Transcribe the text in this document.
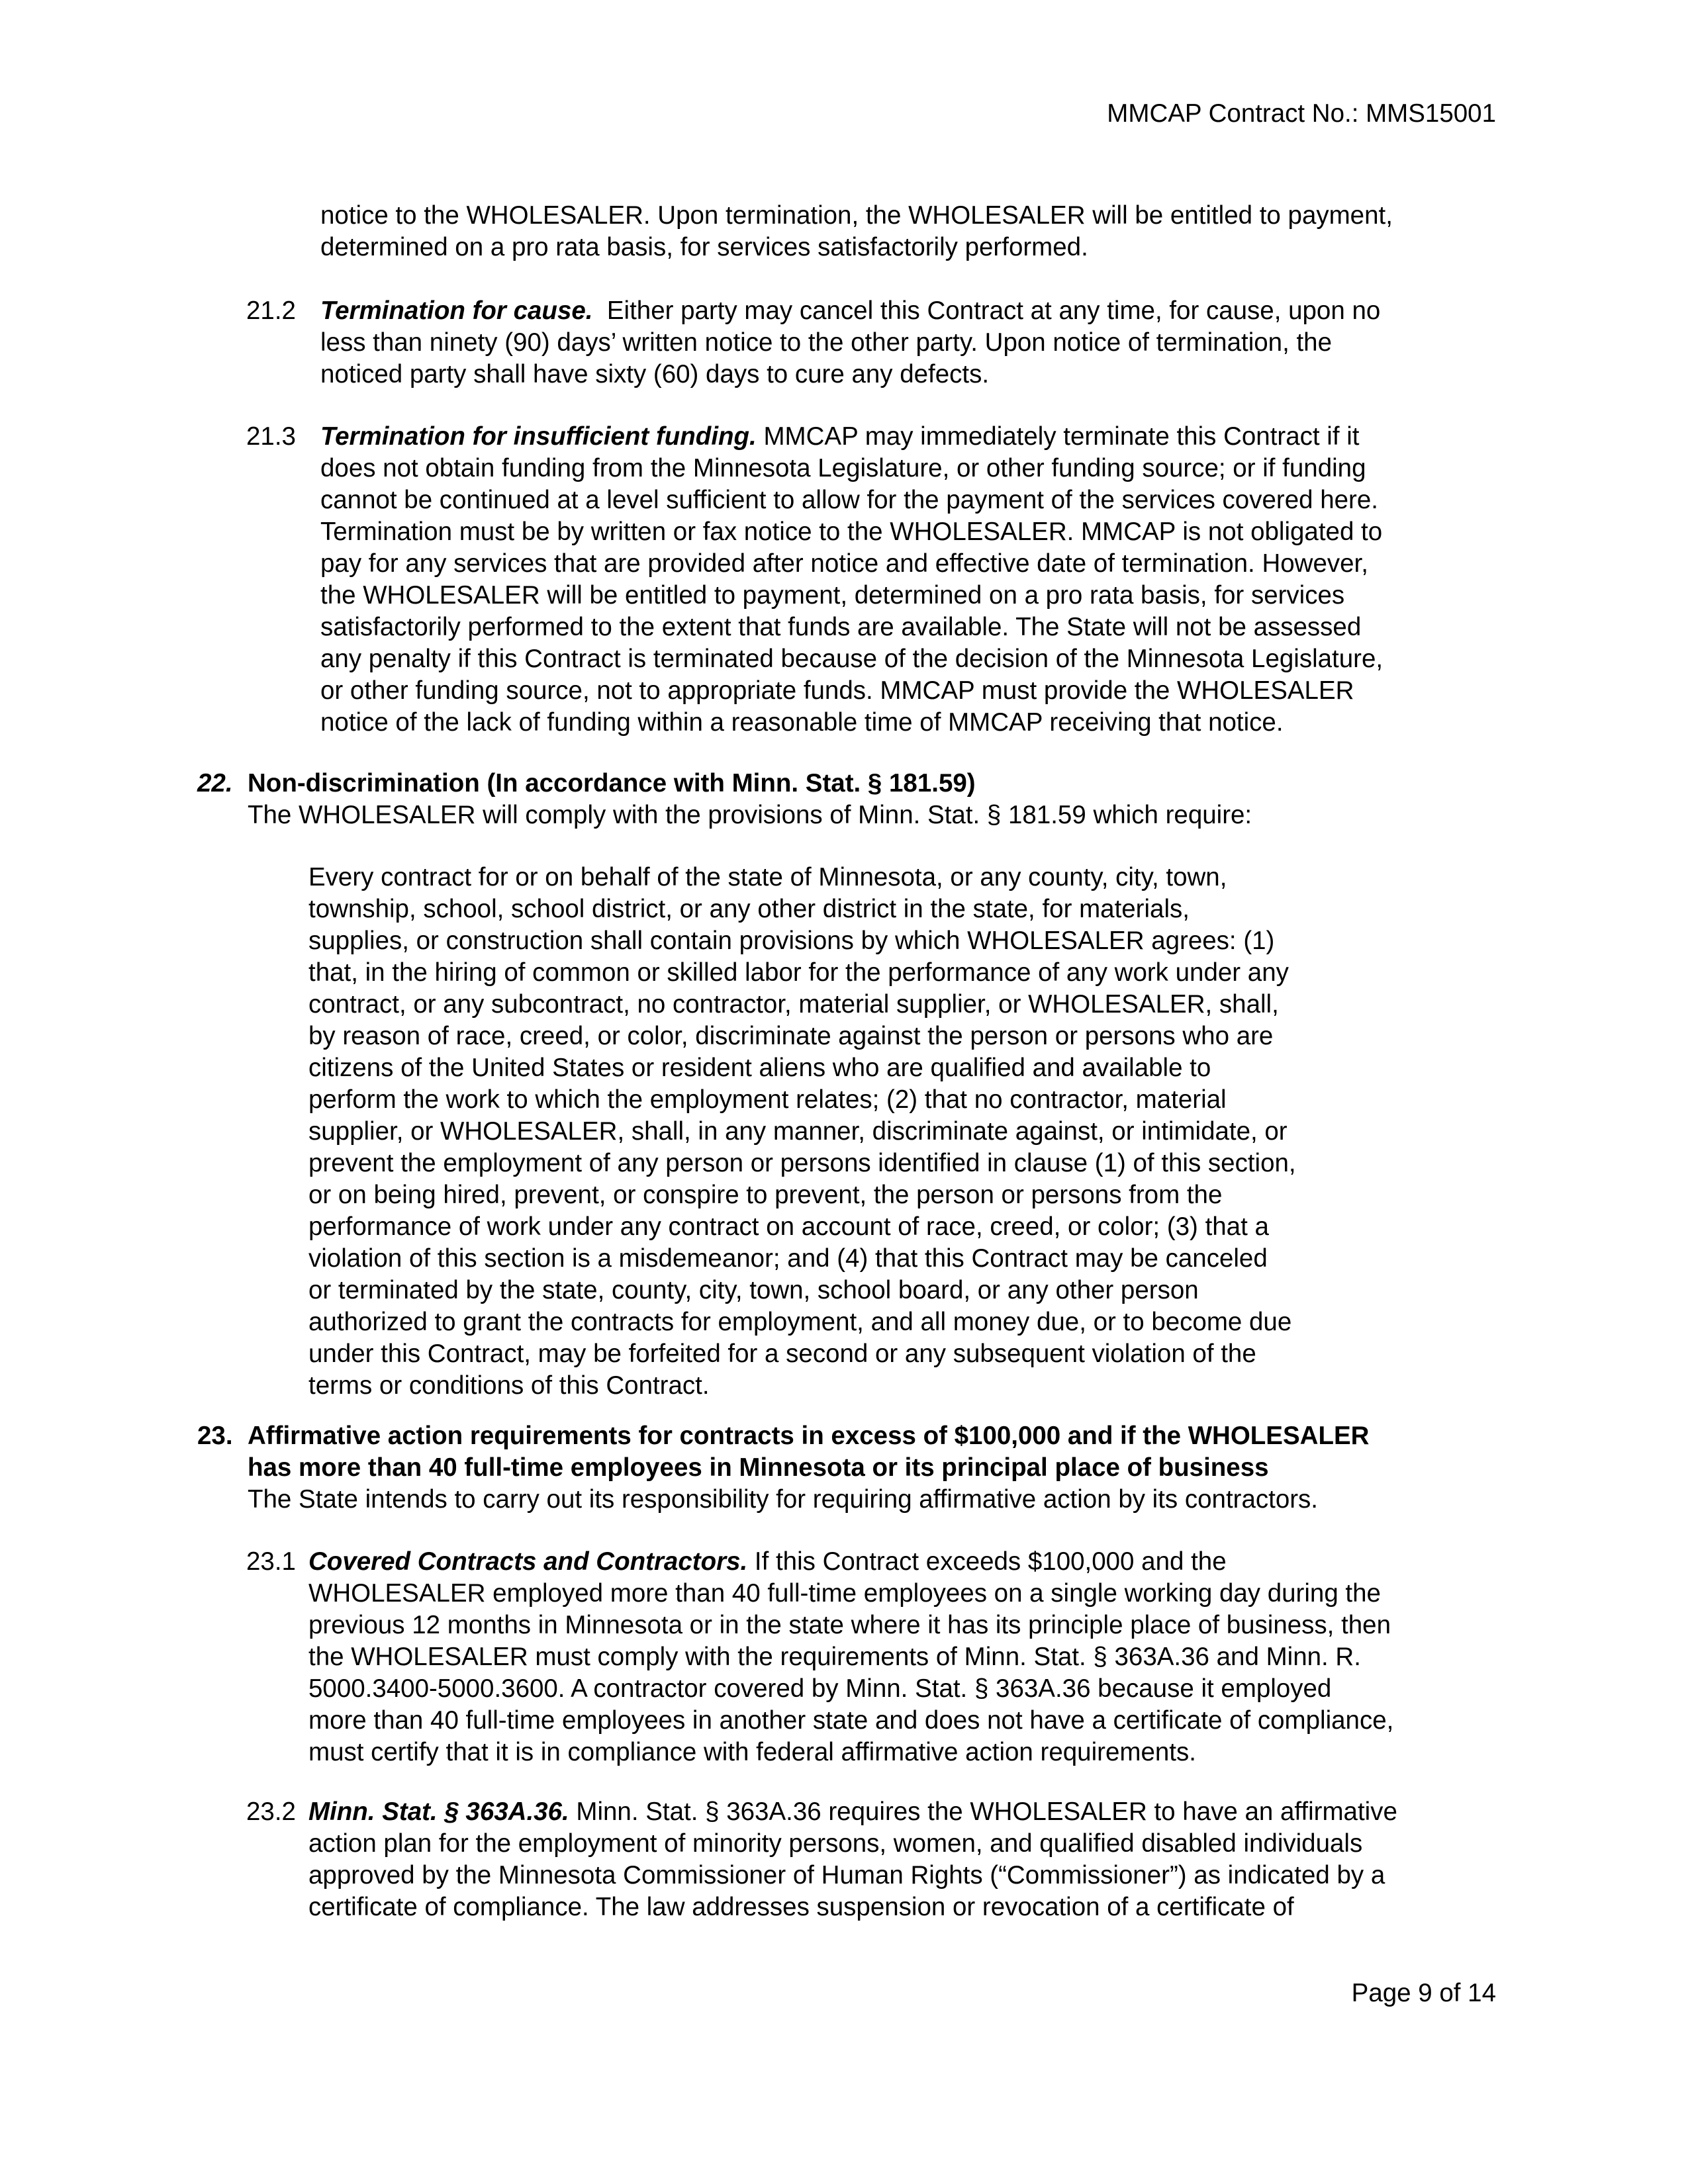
MMCAP Contract No.: MMS15001
notice to the WHOLESALER. Upon termination, the WHOLESALER will be entitled to payment,
determined on a pro rata basis, for services satisfactorily performed.
21.2 Termination for cause.  Either party may cancel this Contract at any time, for cause, upon no
less than ninety (90) days’ written notice to the other party. Upon notice of termination, the
noticed party shall have sixty (60) days to cure any defects.
21.3 Termination for insufficient funding. MMCAP may immediately terminate this Contract if it
does not obtain funding from the Minnesota Legislature, or other funding source; or if funding
cannot be continued at a level sufficient to allow for the payment of the services covered here.
Termination must be by written or fax notice to the WHOLESALER. MMCAP is not obligated to
pay for any services that are provided after notice and effective date of termination. However,
the WHOLESALER will be entitled to payment, determined on a pro rata basis, for services
satisfactorily performed to the extent that funds are available. The State will not be assessed
any penalty if this Contract is terminated because of the decision of the Minnesota Legislature,
or other funding source, not to appropriate funds. MMCAP must provide the WHOLESALER
notice of the lack of funding within a reasonable time of MMCAP receiving that notice.
22. Non-discrimination (In accordance with Minn. Stat. § 181.59)
The WHOLESALER will comply with the provisions of Minn. Stat. § 181.59 which require:
Every contract for or on behalf of the state of Minnesota, or any county, city, town,
township, school, school district, or any other district in the state, for materials,
supplies, or construction shall contain provisions by which WHOLESALER agrees: (1)
that, in the hiring of common or skilled labor for the performance of any work under any
contract, or any subcontract, no contractor, material supplier, or WHOLESALER, shall,
by reason of race, creed, or color, discriminate against the person or persons who are
citizens of the United States or resident aliens who are qualified and available to
perform the work to which the employment relates; (2) that no contractor, material
supplier, or WHOLESALER, shall, in any manner, discriminate against, or intimidate, or
prevent the employment of any person or persons identified in clause (1) of this section,
or on being hired, prevent, or conspire to prevent, the person or persons from the
performance of work under any contract on account of race, creed, or color; (3) that a
violation of this section is a misdemeanor; and (4) that this Contract may be canceled
or terminated by the state, county, city, town, school board, or any other person
authorized to grant the contracts for employment, and all money due, or to become due
under this Contract, may be forfeited for a second or any subsequent violation of the
terms or conditions of this Contract.
23. Affirmative action requirements for contracts in excess of $100,000 and if the WHOLESALER
has more than 40 full-time employees in Minnesota or its principal place of business
The State intends to carry out its responsibility for requiring affirmative action by its contractors.
23.1 Covered Contracts and Contractors. If this Contract exceeds $100,000 and the
WHOLESALER employed more than 40 full-time employees on a single working day during the
previous 12 months in Minnesota or in the state where it has its principle place of business, then
the WHOLESALER must comply with the requirements of Minn. Stat. § 363A.36 and Minn. R.
5000.3400-5000.3600. A contractor covered by Minn. Stat. § 363A.36 because it employed
more than 40 full-time employees in another state and does not have a certificate of compliance,
must certify that it is in compliance with federal affirmative action requirements.
23.2 Minn. Stat. § 363A.36. Minn. Stat. § 363A.36 requires the WHOLESALER to have an affirmative
action plan for the employment of minority persons, women, and qualified disabled individuals
approved by the Minnesota Commissioner of Human Rights (“Commissioner”) as indicated by a
certificate of compliance. The law addresses suspension or revocation of a certificate of
Page 9 of 14
